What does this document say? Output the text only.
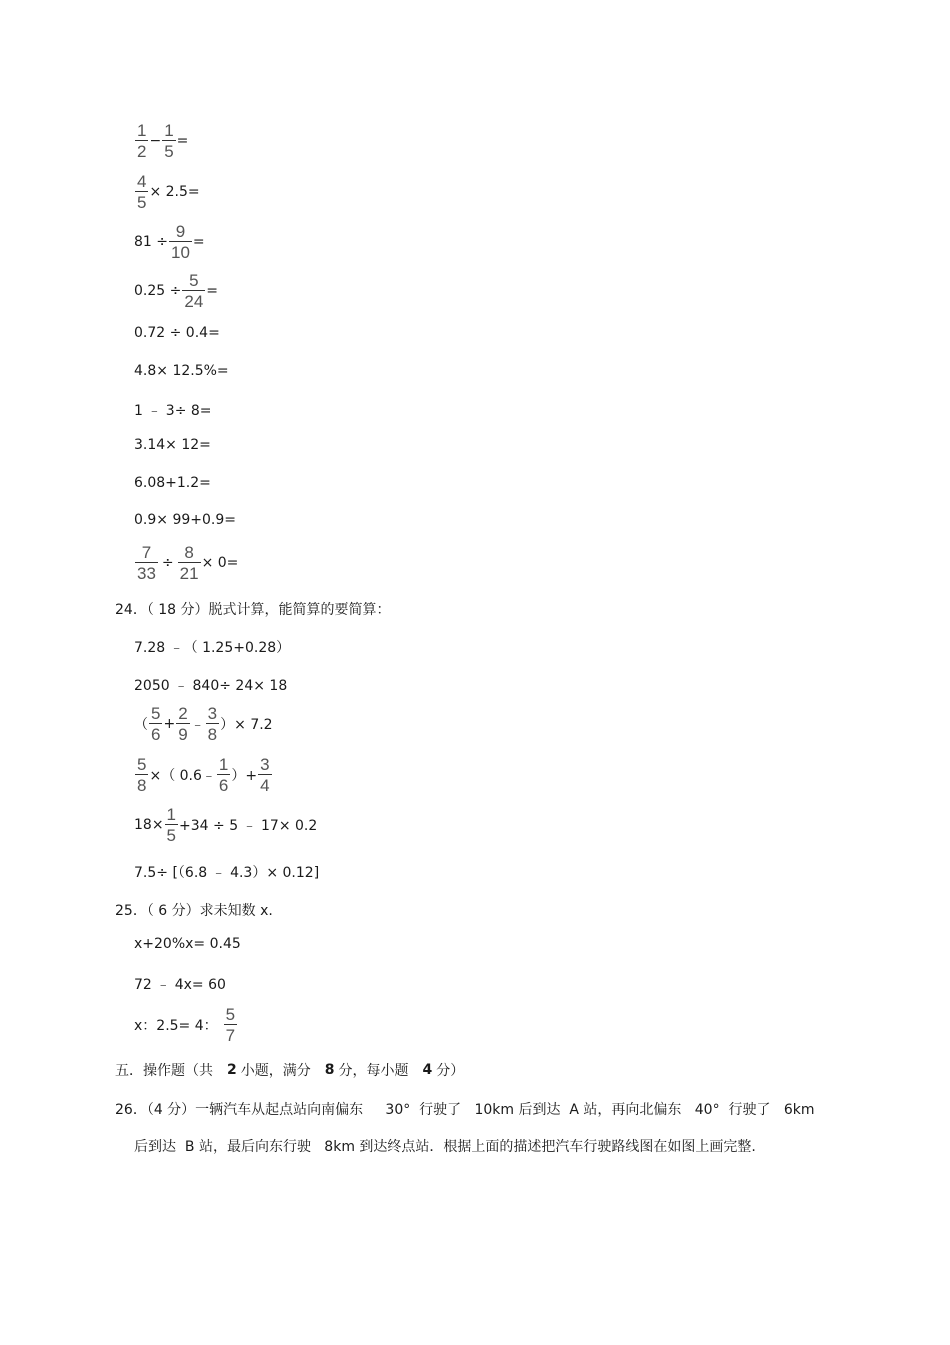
$\frac{1}{2} - \frac{1}{5}$ =
$\frac{4}{5} \times 2.5=$
$81 \div \frac{9}{10}$ =
$0.25 \div \frac{5}{24}$ =
0.72 ÷ 0.4=
4.8× 12.5%=
1 ﹣ 3÷ 8=
3.14× 12=
6.08+1.2=
0.9× 99+0.9=
$\frac{7}{33} \div \frac{8}{21} \times 0=$
24．（ 18 分）脱式计算，能简算的要简算：
7.28 ﹣（ 1.25+0.28）
2050 ﹣ 840÷ 24× 18
（ $\frac{5}{6} + \frac{2}{9}$ ﹣ $\frac{3}{8}$ ）× 7.2
$\frac{5}{8}$ ×（ 0.6﹣ $\frac{1}{6}$ ）+ $\frac{3}{4}$
$18\times \frac{1}{5} +34 \div 5$ ﹣ 17× 0.2
7.5÷ [（6.8 ﹣ 4.3）× 0.12]
25．（ 6 分）求未知数 x.
x+20%x= 0.45
72 ﹣ 4x= 60
x：2.5= 4： $\frac{5}{7}$
五．操作题（共 2 小题，满分 8 分，每小题 4 分）
26．（4 分）一辆汽车从起点站向南偏东     30°  行驶了   10km 后到达  A 站，再向北偏东   40°  行驶了   6km
后到达  B 站，最后向东行驶   8km 到达终点站．根据上面的描述把汽车行驶路线图在如图上画完整.
